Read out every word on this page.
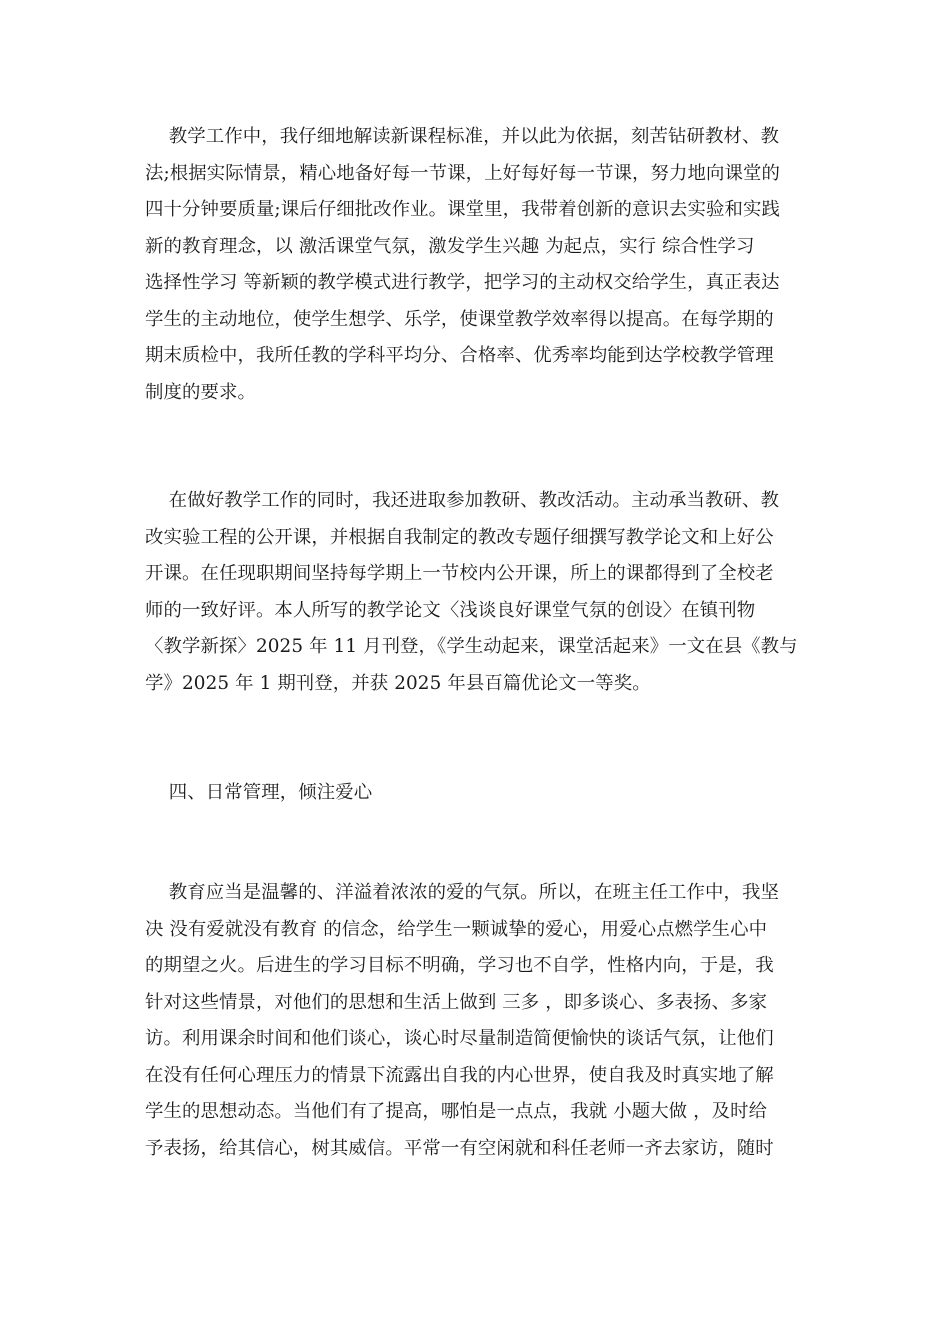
教学工作中，我仔细地解读新课程标准，并以此为依据，刻苦钻研教材、教
法;根据实际情景，精心地备好每一节课，上好每好每一节课，努力地向课堂的
四十分钟要质量;课后仔细批改作业。课堂里，我带着创新的意识去实验和实践
新的教育理念，以 激活课堂气氛，激发学生兴趣 为起点，实行 综合性学习
选择性学习 等新颖的教学模式进行教学，把学习的主动权交给学生，真正表达
学生的主动地位，使学生想学、乐学，使课堂教学效率得以提高。在每学期的
期末质检中，我所任教的学科平均分、合格率、优秀率均能到达学校教学管理
制度的要求。
在做好教学工作的同时，我还进取参加教研、教改活动。主动承当教研、教
改实验工程的公开课，并根据自我制定的教改专题仔细撰写教学论文和上好公
开课。在任现职期间坚持每学期上一节校内公开课，所上的课都得到了全校老
师的一致好评。本人所写的教学论文〈浅谈良好课堂气氛的创设〉在镇刊物
〈教学新探〉2025 年 11 月刊登，《学生动起来，课堂活起来》一文在县《教与
学》2025 年 1 期刊登，并获 2025 年县百篇优论文一等奖。
四、日常管理，倾注爱心
教育应当是温馨的、洋溢着浓浓的爱的气氛。所以，在班主任工作中，我坚
决 没有爱就没有教育 的信念，给学生一颗诚挚的爱心，用爱心点燃学生心中
的期望之火。后进生的学习目标不明确，学习也不自学，性格内向，于是，我
针对这些情景，对他们的思想和生活上做到 三多 ，即多谈心、多表扬、多家
访。利用课余时间和他们谈心，谈心时尽量制造简便愉快的谈话气氛，让他们
在没有任何心理压力的情景下流露出自我的内心世界，使自我及时真实地了解
学生的思想动态。当他们有了提高，哪怕是一点点，我就 小题大做 ，及时给
予表扬，给其信心，树其威信。平常一有空闲就和科任老师一齐去家访，随时
